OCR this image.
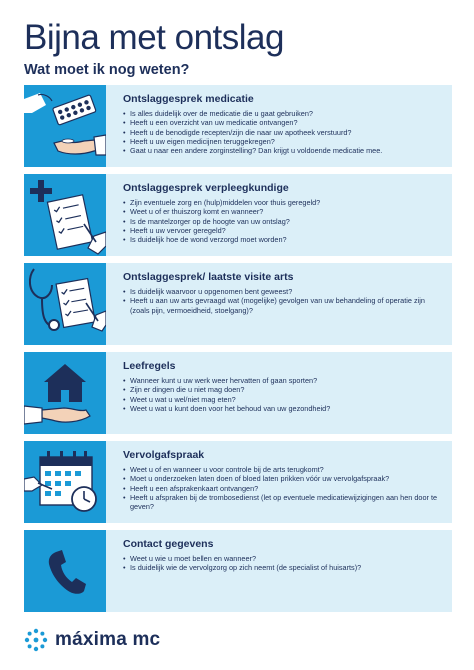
Bijna met ontslag
Wat moet ik nog weten?
Ontslaggesprek medicatie
• Is alles duidelijk over de medicatie die u gaat gebruiken?
• Heeft u een overzicht van uw medicatie ontvangen?
• Heeft u de benodigde recepten/zijn die naar uw apotheek verstuurd?
• Heeft u uw eigen medicijnen teruggekregen?
• Gaat u naar een andere zorginstelling? Dan krijgt u voldoende medicatie mee.
Ontslaggesprek verpleegkundige
• Zijn eventuele zorg en (hulp)middelen voor thuis geregeld?
• Weet u of er thuiszorg komt en wanneer?
• Is de mantelzorger op de hoogte van uw ontslag?
• Heeft u uw vervoer geregeld?
• Is duidelijk hoe de wond verzorgd moet worden?
Ontslaggesprek/ laatste visite arts
• Is duidelijk waarvoor u opgenomen bent geweest?
• Heeft u aan uw arts gevraagd wat (mogelijke) gevolgen van uw behandeling of operatie zijn (zoals pijn, vermoeidheid, stoelgang)?
Leefregels
• Wanneer kunt u uw werk weer hervatten of gaan sporten?
• Zijn er dingen die u niet mag doen?
• Weet u wat u wel/niet mag eten?
• Weet u wat u kunt doen voor het behoud van uw gezondheid?
Vervolgafspraak
• Weet u of en wanneer u voor controle bij de arts terugkomt?
• Moet u onderzoeken laten doen of bloed laten prikken vóór uw vervolgafspraak?
• Heeft u een afsprakenkaart ontvangen?
• Heeft u afspraken bij de trombosedienst (let op eventuele medicatiewijzigingen aan hen door te geven?
Contact gegevens
• Weet u wie u moet bellen en wanneer?
• Is duidelijk wie de vervolgzorg op zich neemt (de specialist of huisarts)?
máxima mc
